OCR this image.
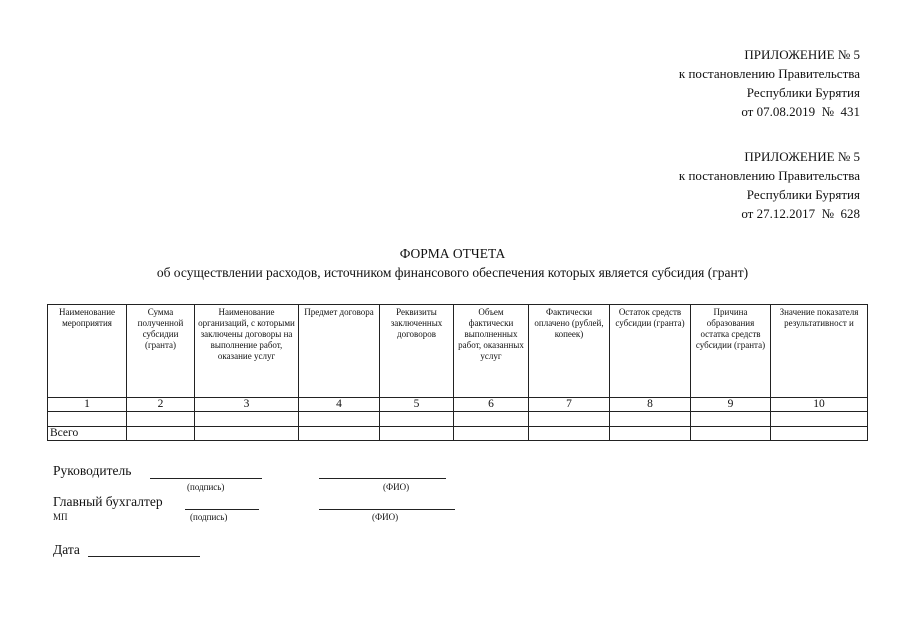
ПРИЛОЖЕНИЕ № 5
к постановлению Правительства
Республики Бурятия
от 07.08.2019  №  431
ПРИЛОЖЕНИЕ № 5
к постановлению Правительства
Республики Бурятия
от 27.12.2017  №  628
ФОРМА ОТЧЕТА
об осуществлении расходов, источником финансового обеспечения которых является субсидия (грант)
Наименование мероприятия	Сумма полученной субсидии (гранта)	Наименование организаций, с которыми заключены договоры на выполнение работ, оказание услуг	Предмет договора	Реквизиты заключенных договоров	Объем фактически выполненных работ, оказанных услуг	Фактически оплачено (рублей, копеек)	Остаток средств субсидии (гранта)	Причина образования остатка средств субсидии (гранта)	Значение показателя результативност и
1	2	3	4	5	6	7	8	9	10

Всего									
Руководитель
(подпись)	(ФИО)
Главный бухгалтер
МП	(подпись)	(ФИО)
Дата
